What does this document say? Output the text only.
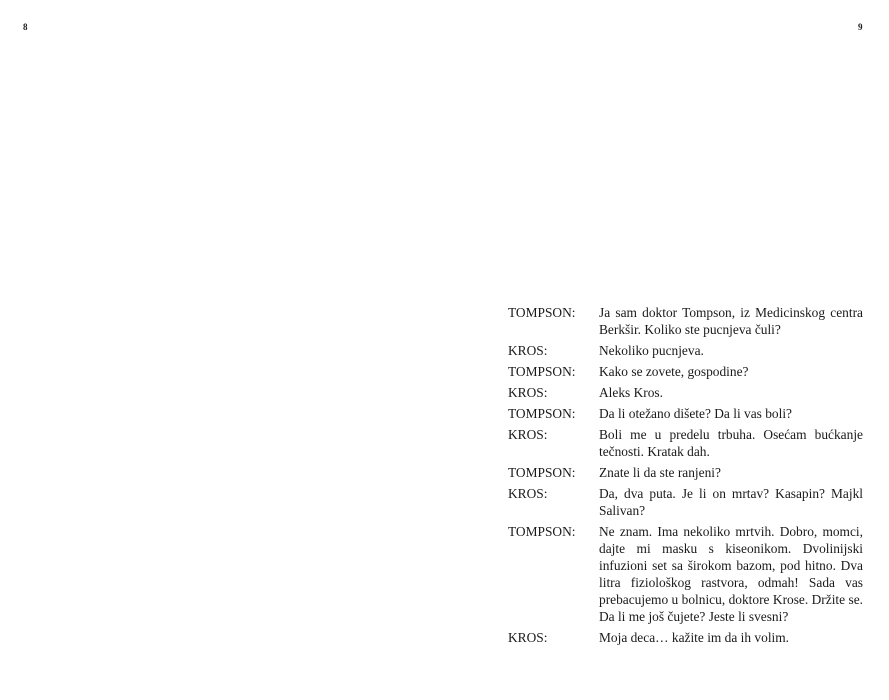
8	9
TOMPSON:	Ja sam doktor Tompson, iz Medicinskog centra Berkšir. Koliko ste pucnjeva čuli?
KROS:	Nekoliko pucnjeva.
TOMPSON:	Kako se zovete, gospodine?
KROS:	Aleks Kros.
TOMPSON:	Da li otežano dišete? Da li vas boli?
KROS:	Boli me u predelu trbuha. Osećam bućkanje tečnosti. Kratak dah.
TOMPSON:	Znate li da ste ranjeni?
KROS:	Da, dva puta. Je li on mrtav? Kasapin? Majkl Salivan?
TOMPSON:	Ne znam. Ima nekoliko mrtvih. Dobro, momci, dajte mi masku s kiseonikom. Dvolinijski infuzioni set sa širokom bazom, pod hitno. Dva litra fiziološkog rastvora, odmah! Sada vas prebacujemo u bolnicu, doktore Krose. Držite se. Da li me još čujete? Jeste li svesni?
KROS:	Moja deca… kažite im da ih volim.
